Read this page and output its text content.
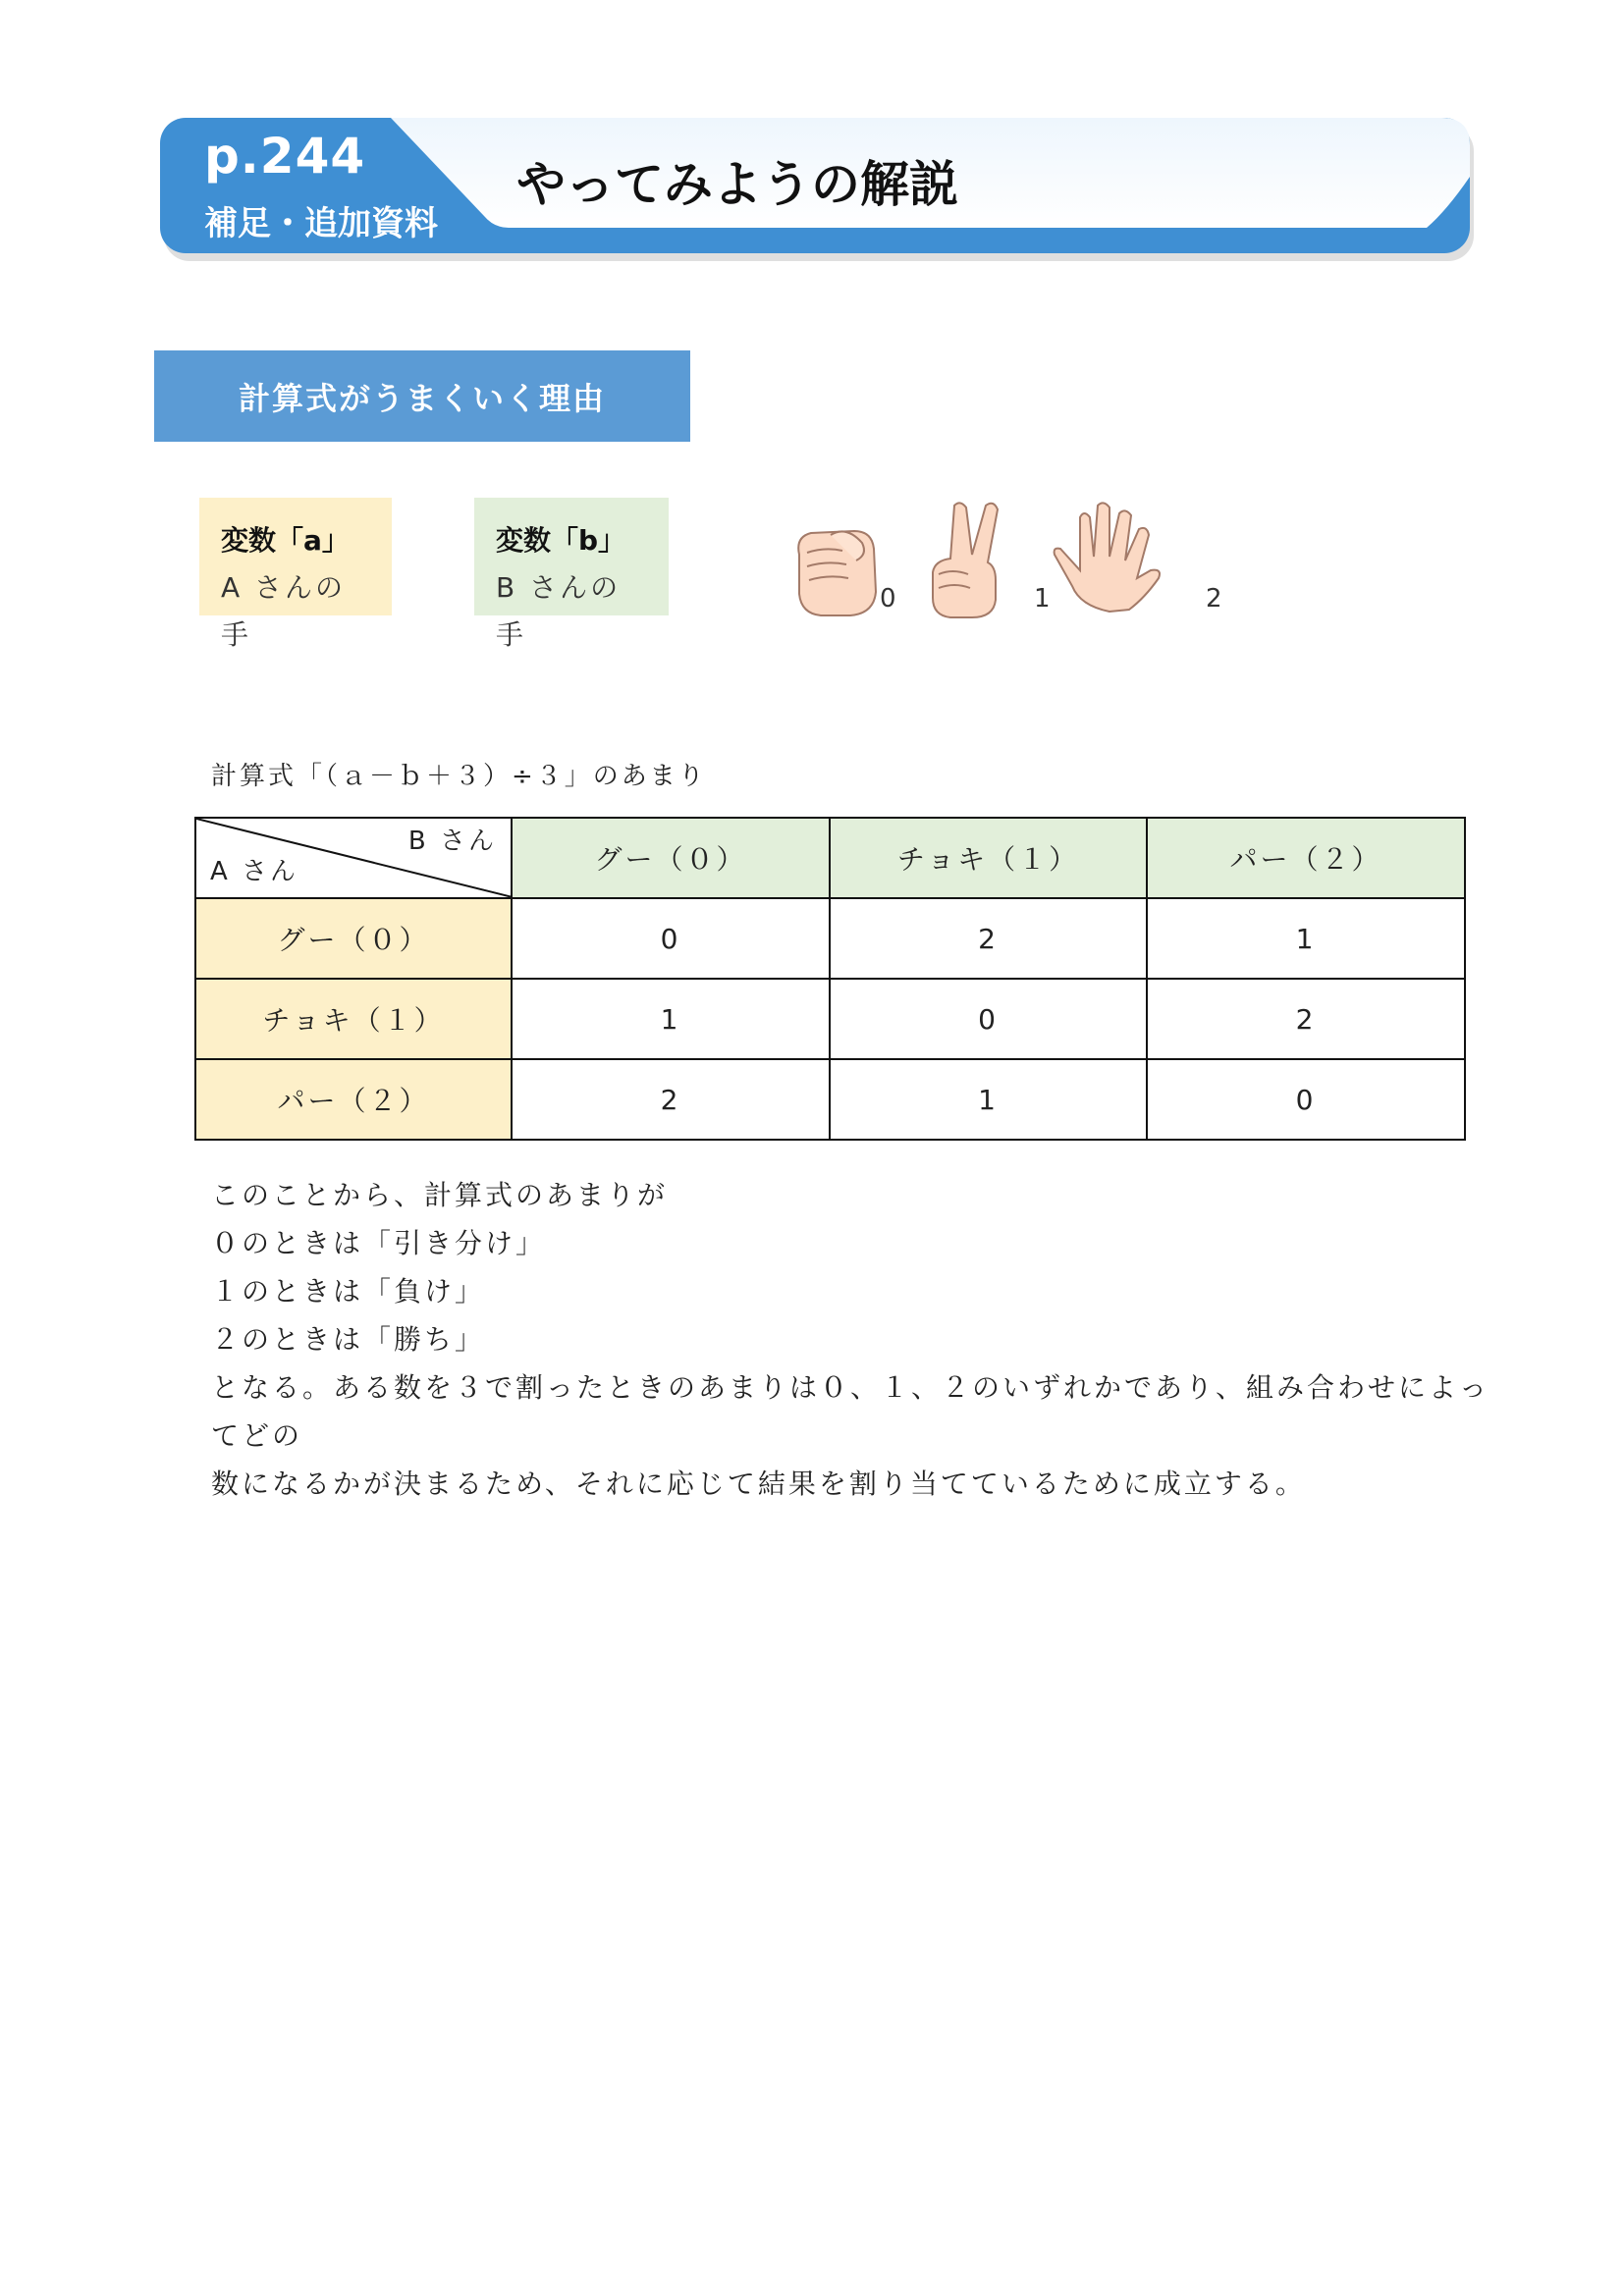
p.244
補足・追加資料
やってみようの解説
計算式がうまくいく理由
変数「a」
A さんの手
変数「b」
B さんの手
0	1	2
計算式「（ａ－ｂ＋３）÷３」のあまり
B さん
A さん	グー（０）	チョキ（１）	パー（２）
グー（０）	0	2	1
チョキ（１）	1	0	2
パー（２）	2	1	0

このことから、計算式のあまりが

０のときは「引き分け」

１のときは「負け」

２のときは「勝ち」

となる。ある数を３で割ったときのあまりは０、１、２のいずれかであり、組み合わせによってどの

数になるかが決まるため、それに応じて結果を割り当てているために成立する。
